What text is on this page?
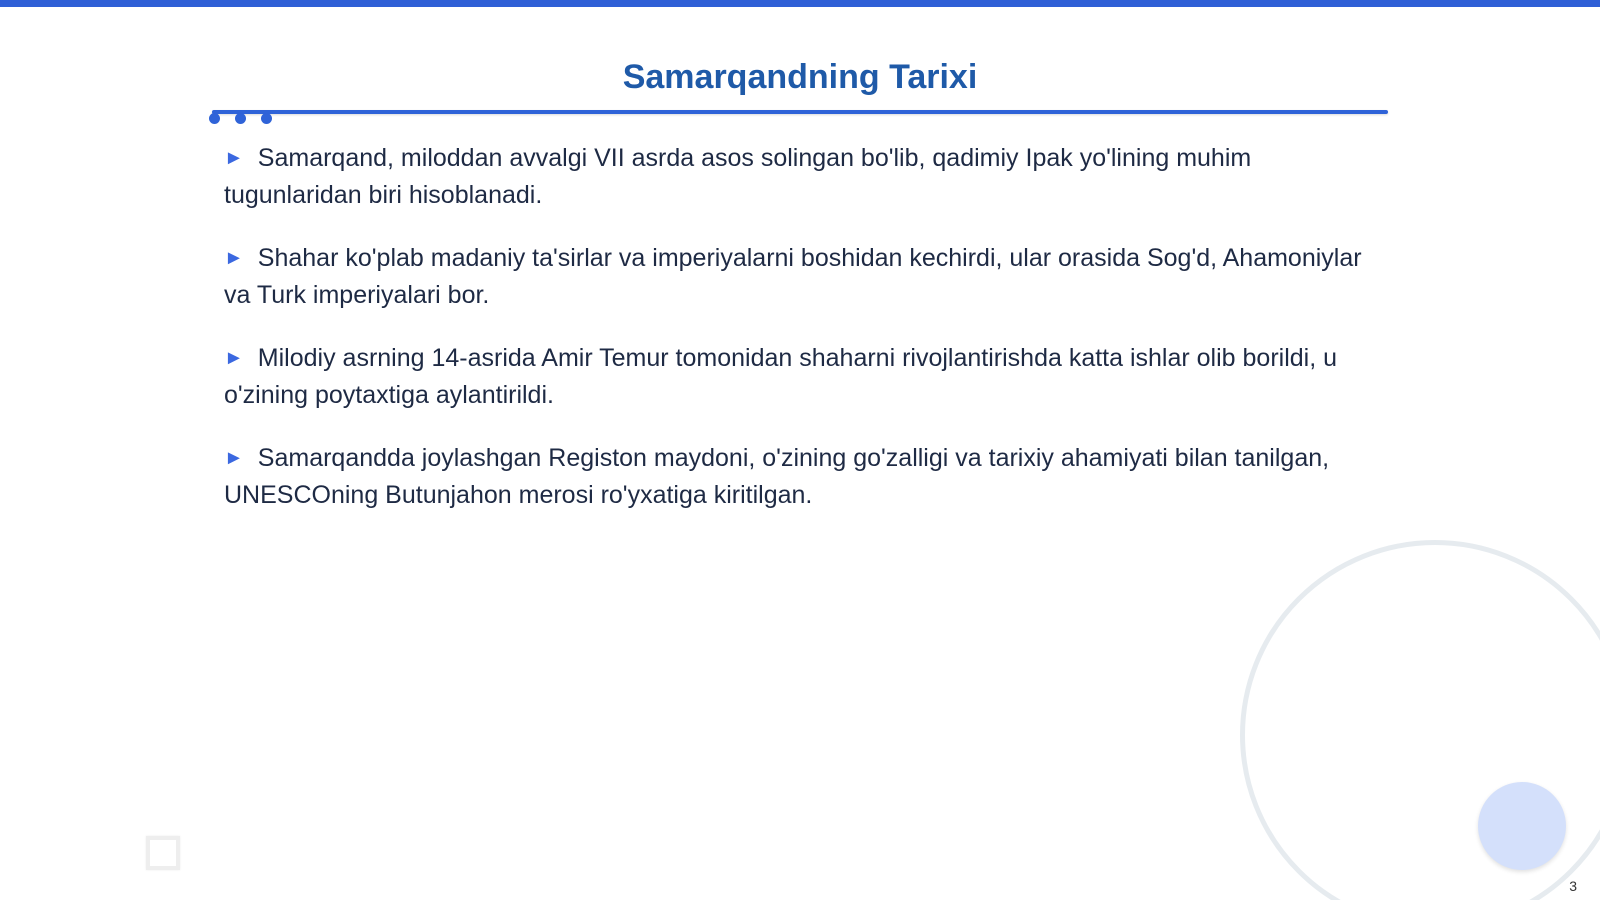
Samarqandning Tarixi

► Samarqand, miloddan avvalgi VII asrda asos solingan bo'lib, qadimiy Ipak yo'lining muhim tugunlaridan biri hisoblanadi.

► Shahar ko'plab madaniy ta'sirlar va imperiyalarni boshidan kechirdi, ular orasida Sog'd, Ahamoniylar va Turk imperiyalari bor.

► Milodiy asrning 14-asrida Amir Temur tomonidan shaharni rivojlantirishda katta ishlar olib borildi, u o'zining poytaxtiga aylantirildi.

► Samarqandda joylashgan Registon maydoni, o'zining go'zalligi va tarixiy ahamiyati bilan tanilgan, UNESCOning Butunjahon merosi ro'yxatiga kiritilgan.

3
